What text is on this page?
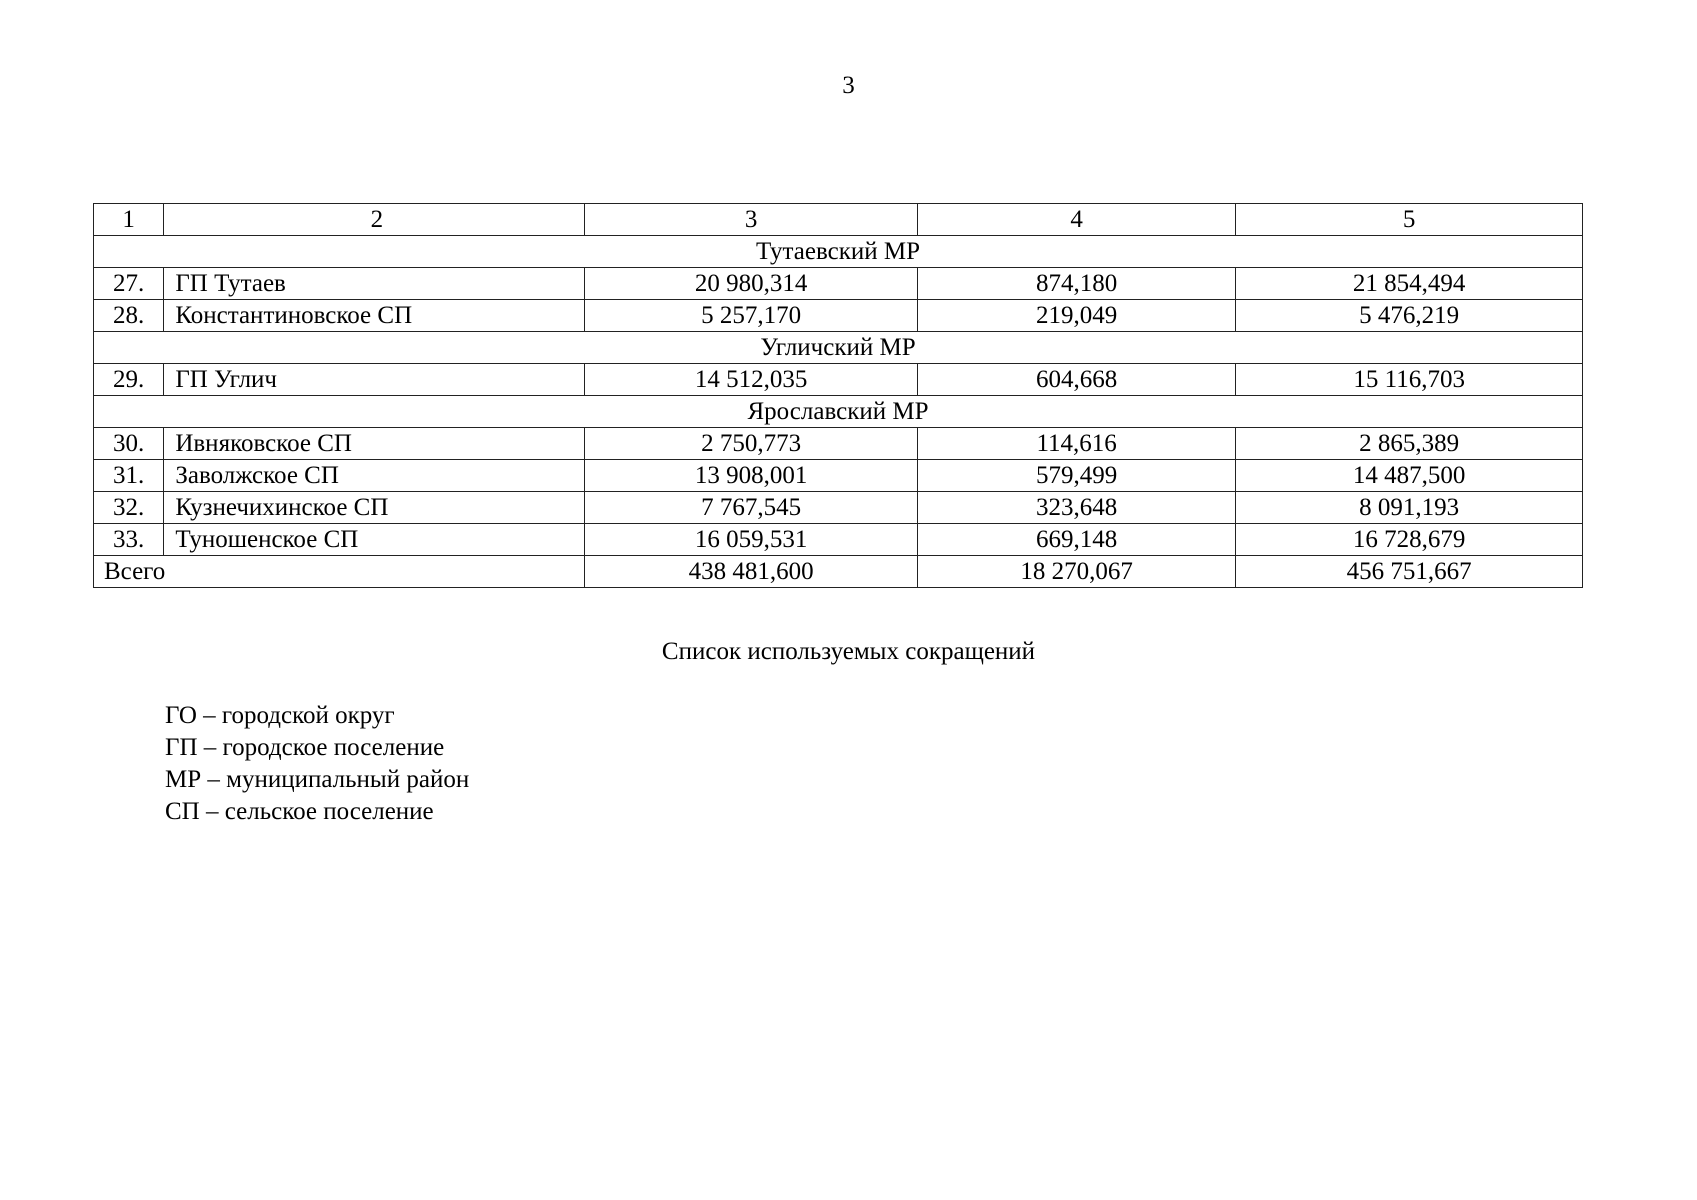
3
1	2	3	4	5
Тутаевский МР				
27.	ГП Тутаев	20 980,314	874,180	21 854,494
28.	Константиновское СП	5 257,170	219,049	5 476,219
Угличский МР				
29.	ГП Углич	14 512,035	604,668	15 116,703
Ярославский МР				
30.	Ивняковское СП	2 750,773	114,616	2 865,389
31.	Заволжское СП	13 908,001	579,499	14 487,500
32.	Кузнечихинское СП	7 767,545	323,648	8 091,193
33.	Туношенское СП	16 059,531	669,148	16 728,679
Всего		438 481,600	18 270,067	456 751,667
Список используемых сокращений
ГО – городской округ
ГП – городское поселение
МР – муниципальный район
СП – сельское поселение
